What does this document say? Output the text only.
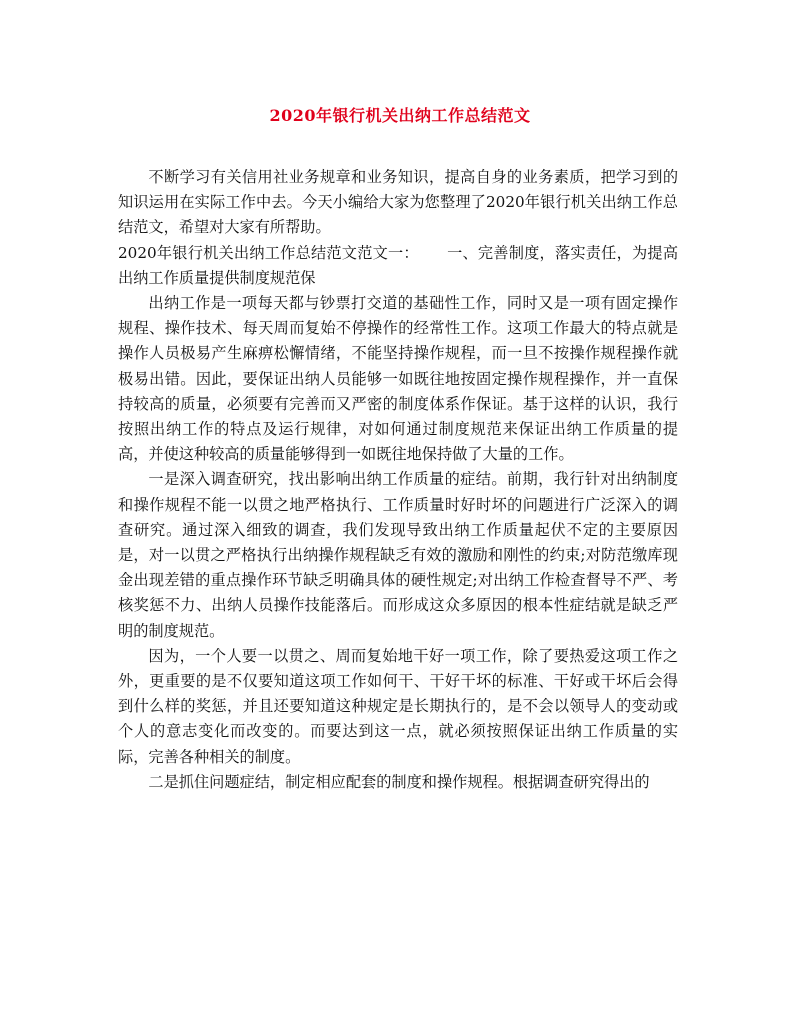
2020年银行机关出纳工作总结范文

不断学习有关信用社业务规章和业务知识，提高自身的业务素质，把学习到的知识运用在实际工作中去。今天小编给大家为您整理了2020年银行机关出纳工作总结范文，希望对大家有所帮助。

2020年银行机关出纳工作总结范文范文一： 一、完善制度，落实责任，为提高出纳工作质量提供制度规范保

出纳工作是一项每天都与钞票打交道的基础性工作，同时又是一项有固定操作规程、操作技术、每天周而复始不停操作的经常性工作。这项工作最大的特点就是操作人员极易产生麻痹松懈情绪，不能坚持操作规程，而一旦不按操作规程操作就极易出错。因此，要保证出纳人员能够一如既往地按固定操作规程操作，并一直保持较高的质量，必须要有完善而又严密的制度体系作保证。基于这样的认识，我行按照出纳工作的特点及运行规律，对如何通过制度规范来保证出纳工作质量的提高，并使这种较高的质量能够得到一如既往地保持做了大量的工作。

一是深入调查研究，找出影响出纳工作质量的症结。前期，我行针对出纳制度和操作规程不能一以贯之地严格执行、工作质量时好时坏的问题进行广泛深入的调查研究。通过深入细致的调查，我们发现导致出纳工作质量起伏不定的主要原因是，对一以贯之严格执行出纳操作规程缺乏有效的激励和刚性的约束;对防范缴库现金出现差错的重点操作环节缺乏明确具体的硬性规定;对出纳工作检查督导不严、考核奖惩不力、出纳人员操作技能落后。而形成这众多原因的根本性症结就是缺乏严明的制度规范。

因为，一个人要一以贯之、周而复始地干好一项工作，除了要热爱这项工作之外，更重要的是不仅要知道这项工作如何干、干好干坏的标准、干好或干坏后会得到什么样的奖惩，并且还要知道这种规定是长期执行的，是不会以领导人的变动或个人的意志变化而改变的。而要达到这一点，就必须按照保证出纳工作质量的实际，完善各种相关的制度。

二是抓住问题症结，制定相应配套的制度和操作规程。根据调查研究得出的
